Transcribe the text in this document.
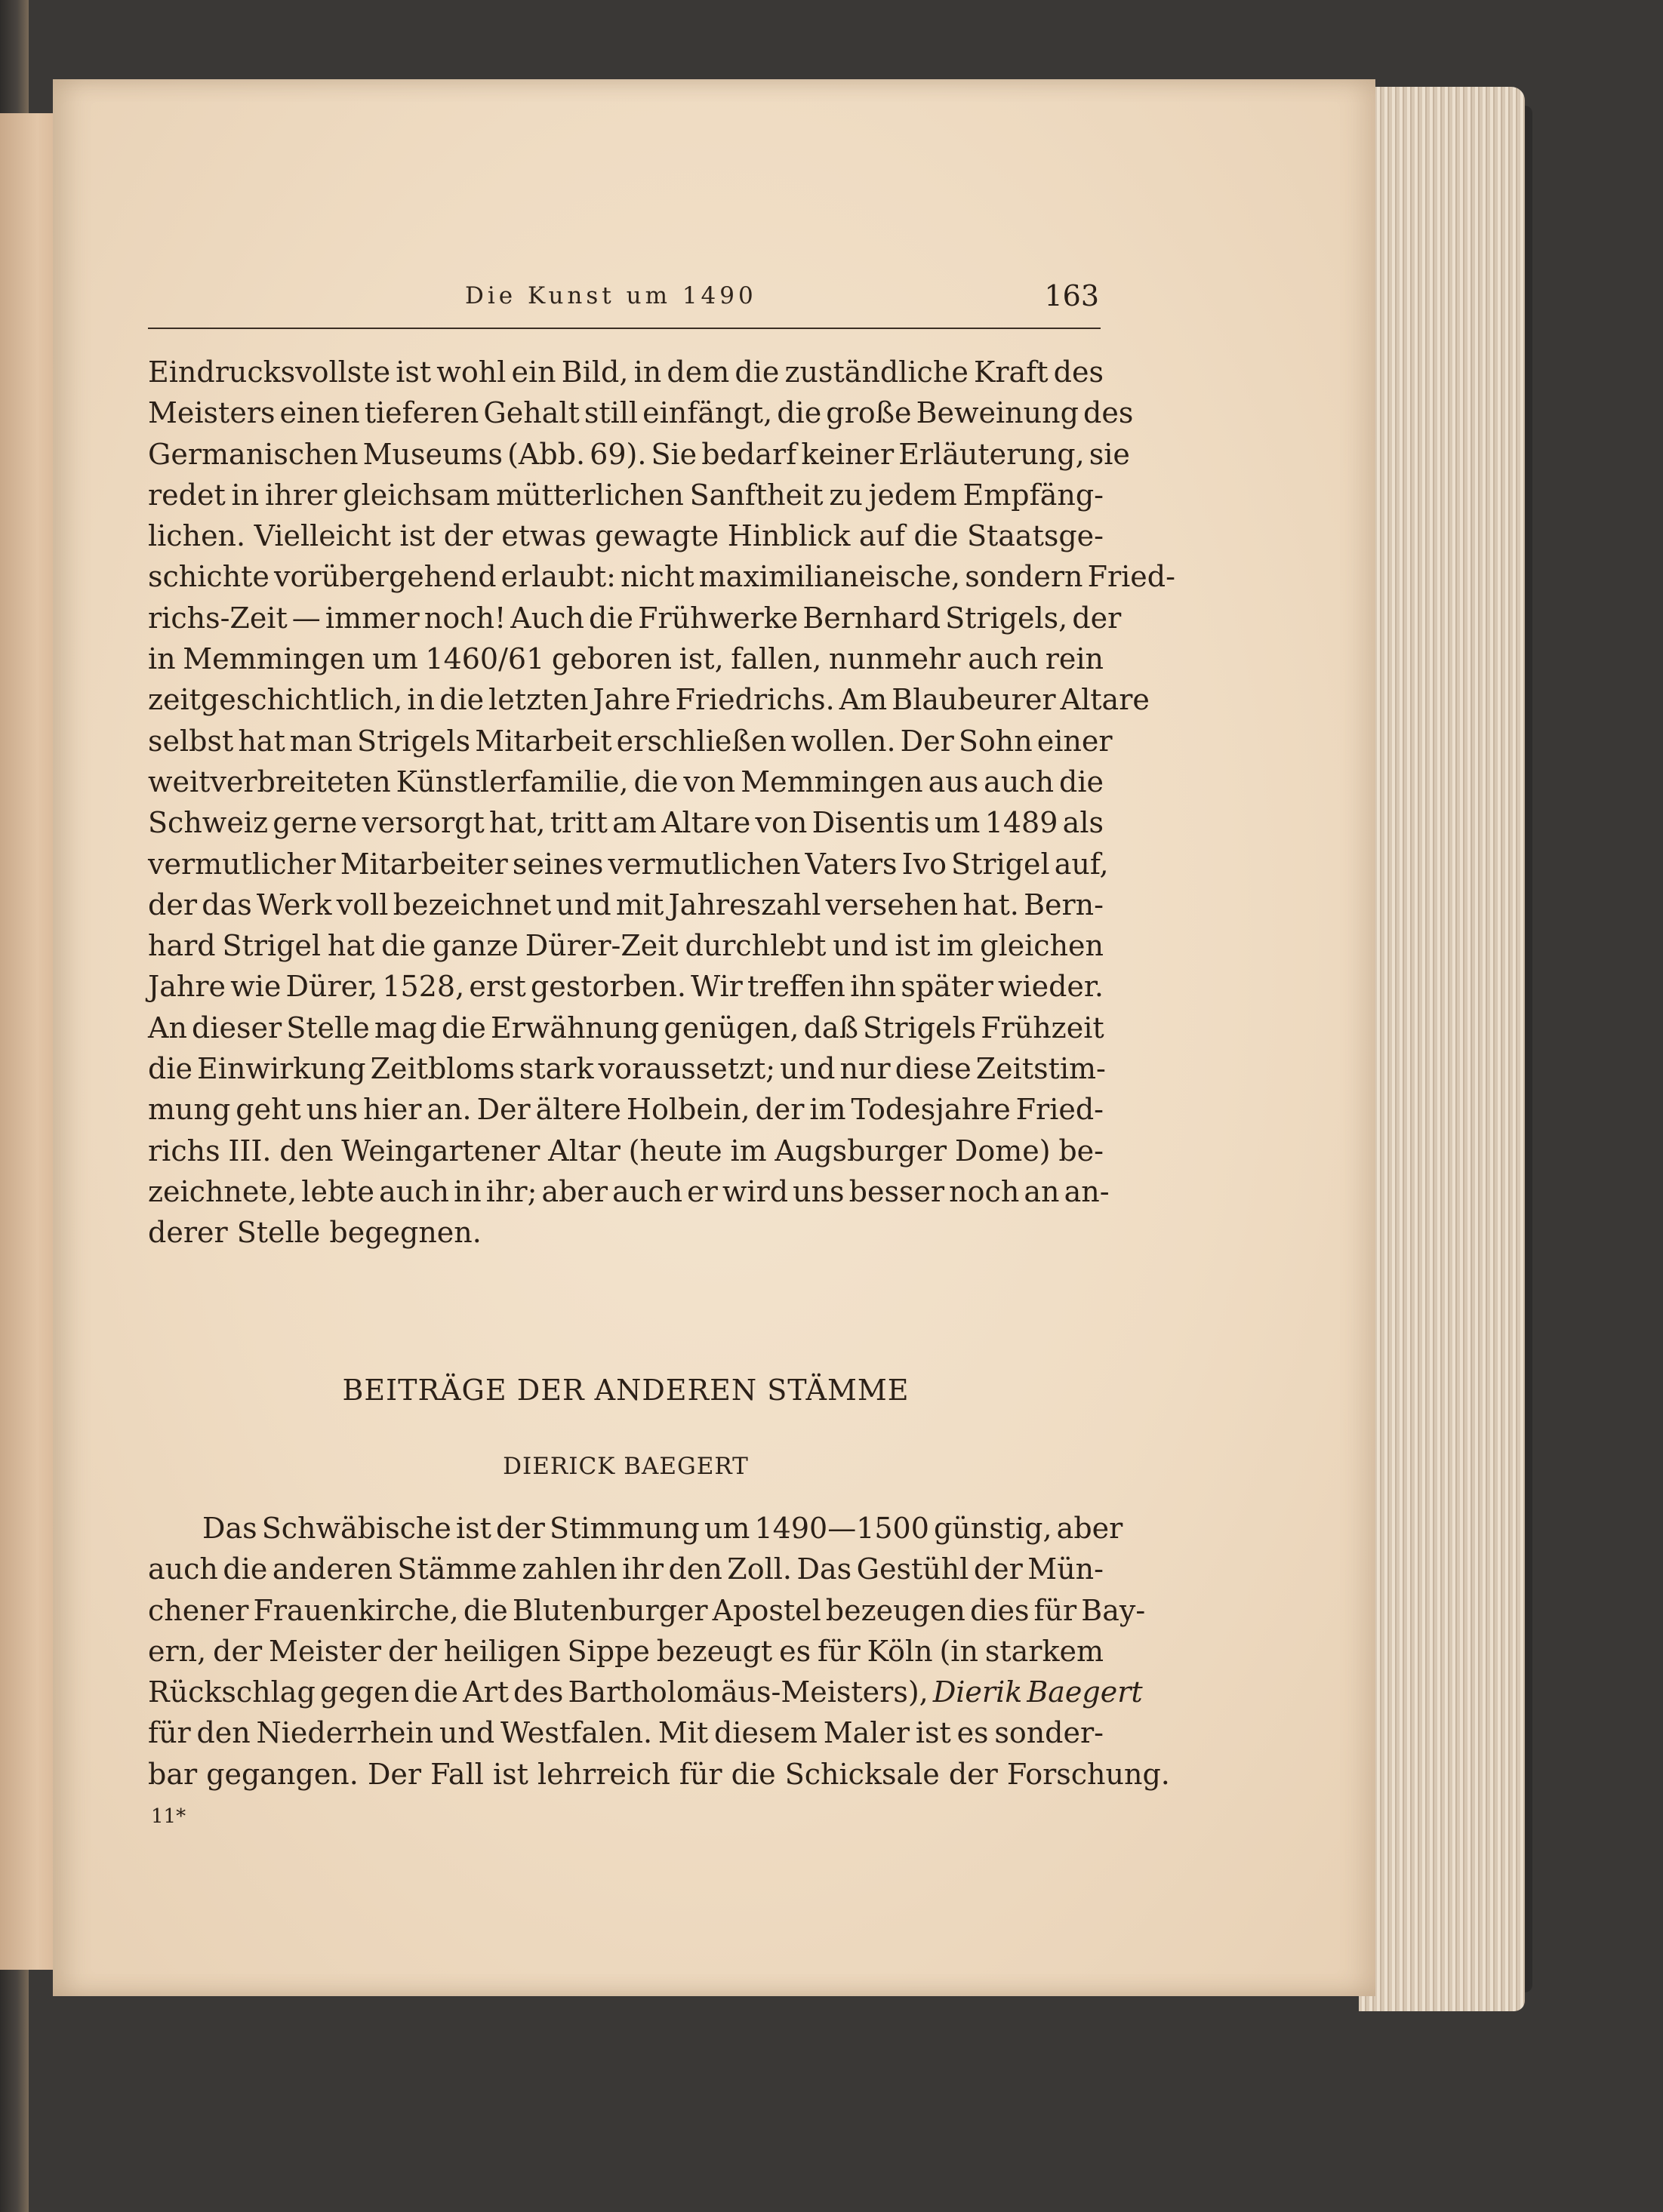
Die Kunst um 1490	163
Eindrucksvollste ist wohl ein Bild, in dem die zuständliche Kraft des
Meisters einen tieferen Gehalt still einfängt, die große Beweinung des
Germanischen Museums (Abb. 69). Sie bedarf keiner Erläuterung, sie
redet in ihrer gleichsam mütterlichen Sanftheit zu jedem Empfäng-
lichen. Vielleicht ist der etwas gewagte Hinblick auf die Staatsge-
schichte vorübergehend erlaubt: nicht maximilianeische, sondern Fried-
richs-Zeit — immer noch! Auch die Frühwerke Bernhard Strigels, der
in Memmingen um 1460/61 geboren ist, fallen, nunmehr auch rein
zeitgeschichtlich, in die letzten Jahre Friedrichs. Am Blaubeurer Altare
selbst hat man Strigels Mitarbeit erschließen wollen. Der Sohn einer
weitverbreiteten Künstlerfamilie, die von Memmingen aus auch die
Schweiz gerne versorgt hat, tritt am Altare von Disentis um 1489 als
vermutlicher Mitarbeiter seines vermutlichen Vaters Ivo Strigel auf,
der das Werk voll bezeichnet und mit Jahreszahl versehen hat. Bern-
hard Strigel hat die ganze Dürer-Zeit durchlebt und ist im gleichen
Jahre wie Dürer, 1528, erst gestorben. Wir treffen ihn später wieder.
An dieser Stelle mag die Erwähnung genügen, daß Strigels Frühzeit
die Einwirkung Zeitbloms stark voraussetzt; und nur diese Zeitstim-
mung geht uns hier an. Der ältere Holbein, der im Todesjahre Fried-
richs III. den Weingartener Altar (heute im Augsburger Dome) be-
zeichnete, lebte auch in ihr; aber auch er wird uns besser noch an an-
derer Stelle begegnen.
BEITRÄGE DER ANDEREN STÄMME
DIERICK BAEGERT
Das Schwäbische ist der Stimmung um 1490—1500 günstig, aber
auch die anderen Stämme zahlen ihr den Zoll. Das Gestühl der Mün-
chener Frauenkirche, die Blutenburger Apostel bezeugen dies für Bay-
ern, der Meister der heiligen Sippe bezeugt es für Köln (in starkem
Rückschlag gegen die Art des Bartholomäus-Meisters), Dierik Baegert
für den Niederrhein und Westfalen. Mit diesem Maler ist es sonder-
bar gegangen. Der Fall ist lehrreich für die Schicksale der Forschung.
11*
